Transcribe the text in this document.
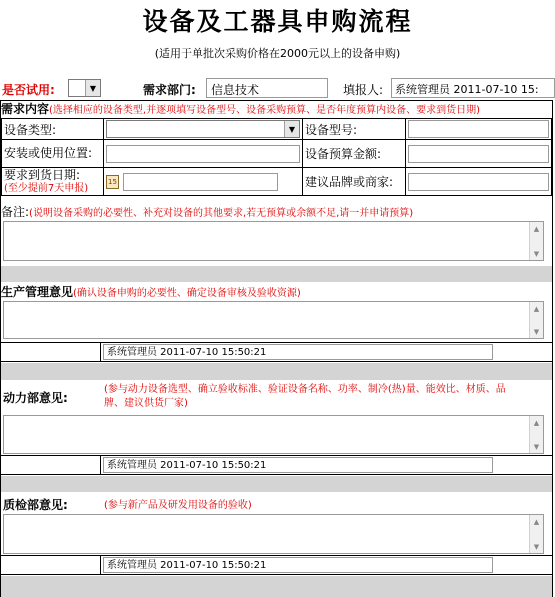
设备及工器具申购流程
(适用于单批次采购价格在2000元以上的设备申购)
是否试用:	▼	需求部门:	信息技术	填报人:	系统管理员 2011-07-10 15:
需求内容(选择相应的设备类型,并逐项填写设备型号、设备采购预算、是否年度预算内设备、要求到货日期)
设备类型:	▼	设备型号:	

安装或使用位置:		设备预算金额:	

要求到货日期:
(至少提前7天申报)	15	建议品牌或商家:	
备注:(说明设备采购的必要性、补充对设备的其他要求,若无预算或余额不足,请一并申请预算)
▲
▼
生产管理意见(确认设备申购的必要性、确定设备审核及验收资源)
▲
▼
系统管理员 2011-07-10 15:50:21
动力部意见:
(参与动力设备选型、确立验收标准、验证设备名称、功率、制冷(热)量、能效比、材质、品牌、建议供货厂家)
▲
▼
系统管理员 2011-07-10 15:50:21
质检部意见:	(参与新产品及研发用设备的验收)
▲
▼
系统管理员 2011-07-10 15:50:21
